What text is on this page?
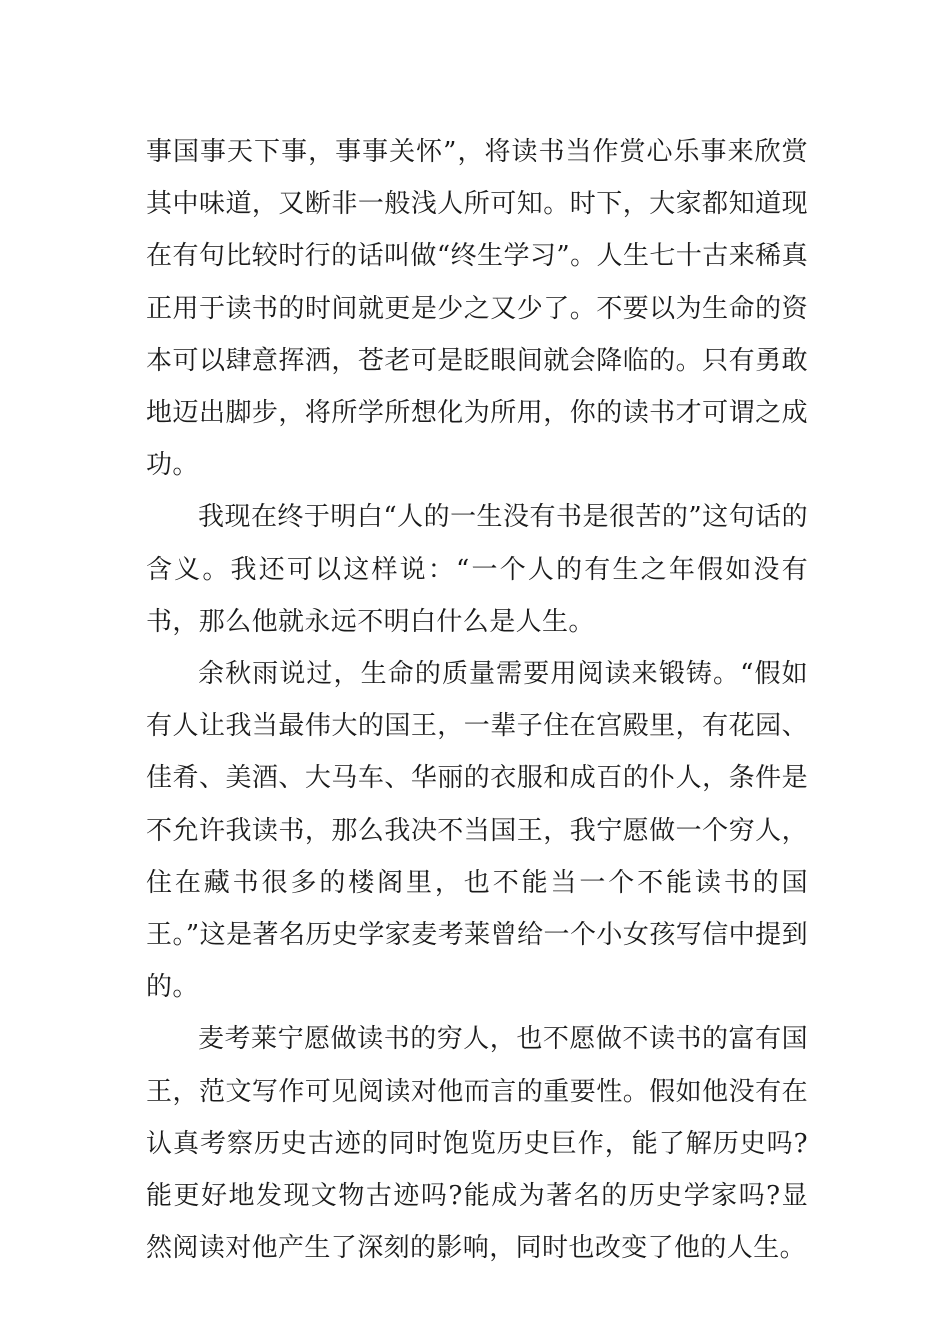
事国事天下事，事事关怀”，将读书当作赏心乐事来欣赏其中味道，又断非一般浅人所可知。时下，大家都知道现在有句比较时行的话叫做“终生学习”。人生七十古来稀真正用于读书的时间就更是少之又少了。不要以为生命的资本可以肆意挥洒，苍老可是眨眼间就会降临的。只有勇敢地迈出脚步，将所学所想化为所用，你的读书才可谓之成功。

我现在终于明白“人的一生没有书是很苦的”这句话的含义。我还可以这样说：“一个人的有生之年假如没有书，那么他就永远不明白什么是人生。

余秋雨说过，生命的质量需要用阅读来锻铸。“假如有人让我当最伟大的国王，一辈子住在宫殿里，有花园、佳肴、美酒、大马车、华丽的衣服和成百的仆人，条件是不允许我读书，那么我决不当国王，我宁愿做一个穷人，住在藏书很多的楼阁里，也不能当一个不能读书的国王。”这是著名历史学家麦考莱曾给一个小女孩写信中提到的。

麦考莱宁愿做读书的穷人，也不愿做不读书的富有国王，范文写作可见阅读对他而言的重要性。假如他没有在认真考察历史古迹的同时饱览历史巨作，能了解历史吗?能更好地发现文物古迹吗?能成为著名的历史学家吗?显然阅读对他产生了深刻的影响，同时也改变了他的人生。
